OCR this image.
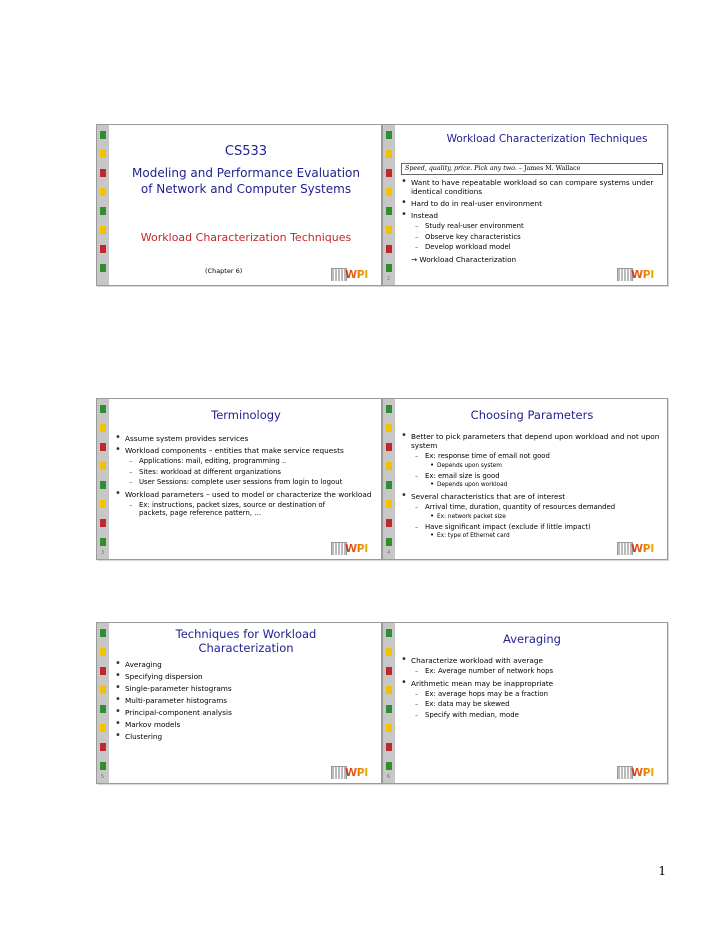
CS533
Modeling and Performance Evaluation of Network and Computer Systems
Workload Characterization Techniques
(Chapter 6)	WPI
Workload Characterization Techniques
Speed, quality, price. Pick any two. – James M. Wallace
• Want to have repeatable workload so can compare systems under identical conditions
• Hard to do in real-user environment
• Instead
– Study real-user environment
– Observe key characteristics
– Develop workload model
→ Workload Characterization
2	WPI
Terminology
• Assume system provides services
• Workload components – entities that make service requests
– Applications: mail, editing, programming ..
– Sites: workload at different organizations
– User Sessions: complete user sessions from login to logout
• Workload parameters – used to model or characterize the workload
– Ex: instructions, packet sizes, source or destination of packets, page reference pattern, …
3	WPI
Choosing Parameters
• Better to pick parameters that depend upon workload and not upon system
– Ex: response time of email not good
• Depends upon system
– Ex: email size is good
• Depends upon workload
• Several characteristics that are of interest
– Arrival time, duration, quantity of resources demanded
• Ex: network packet size
– Have significant impact (exclude if little impact)
• Ex: type of Ethernet card
4	WPI
Techniques for Workload Characterization
• Averaging
• Specifying dispersion
• Single-parameter histograms
• Multi-parameter histograms
• Principal-component analysis
• Markov models
• Clustering
5	WPI
Averaging
• Characterize workload with average
– Ex: Average number of network hops
• Arithmetic mean may be inappropriate
– Ex: average hops may be a fraction
– Ex: data may be skewed
– Specify with median, mode
6	WPI
1
